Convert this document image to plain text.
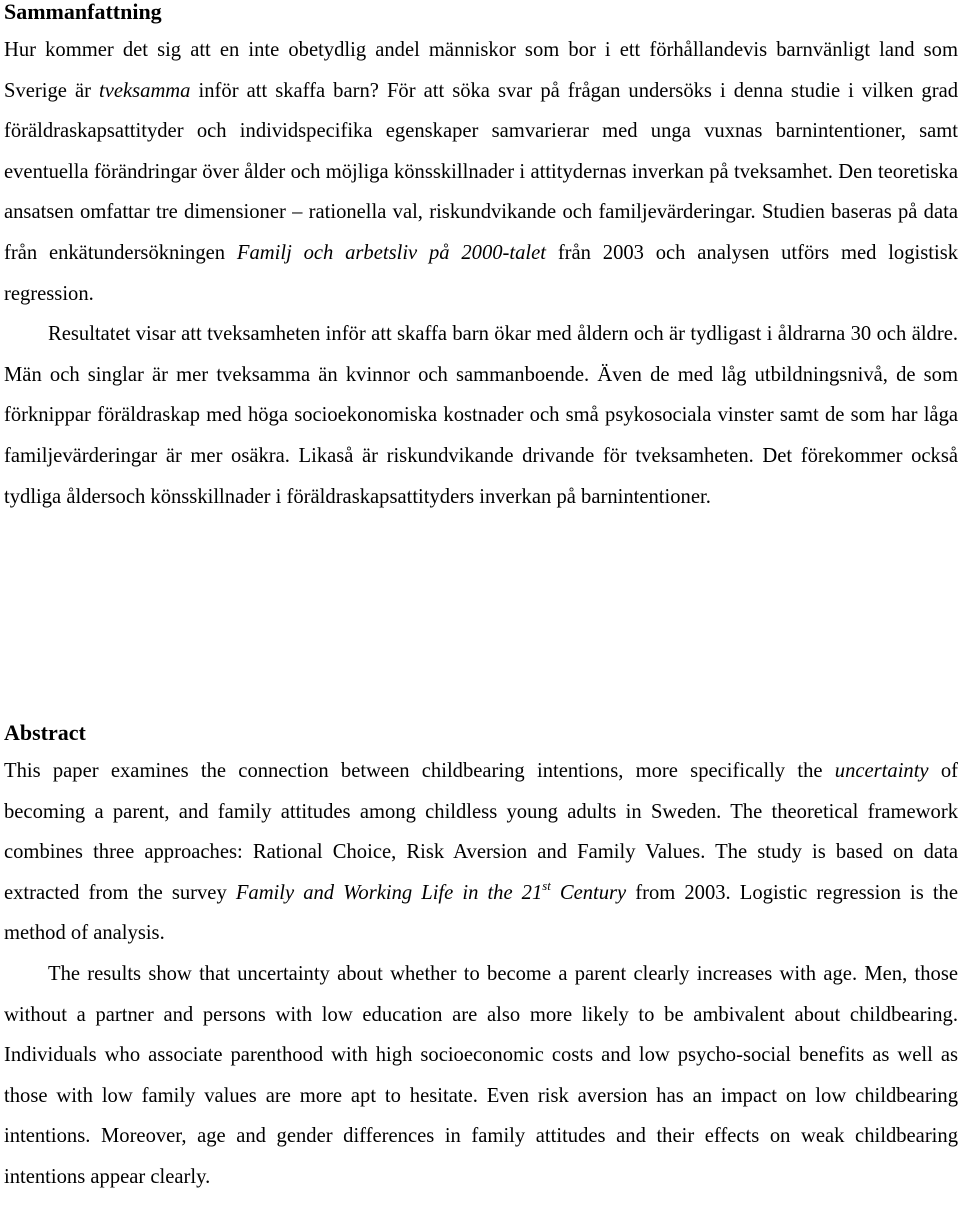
Sammanfattning

Hur kommer det sig att en inte obetydlig andel människor som bor i ett förhållandevis barnvänligt land som Sverige är tveksamma inför att skaffa barn? För att söka svar på frågan undersöks i denna studie i vilken grad föräldraskapsattityder och individspecifika egenskaper samvarierar med unga vuxnas barnintentioner, samt eventuella förändringar över ålder och möjliga könsskillnader i attitydernas inverkan på tveksamhet. Den teoretiska ansatsen omfattar tre dimensioner – rationella val, riskundvikande och familjevärderingar. Studien baseras på data från enkätundersökningen Familj och arbetsliv på 2000-talet från 2003 och analysen utförs med logistisk regression.

Resultatet visar att tveksamheten inför att skaffa barn ökar med åldern och är tydligast i åldrarna 30 och äldre. Män och singlar är mer tveksamma än kvinnor och sammanboende. Även de med låg utbildningsnivå, de som förknippar föräldraskap med höga socioekonomiska kostnader och små psykosociala vinster samt de som har låga familjevärderingar är mer osäkra. Likaså är riskundvikande drivande för tveksamheten. Det förekommer också tydliga åldersoch könsskillnader i föräldraskapsattityders inverkan på barnintentioner.

Abstract

This paper examines the connection between childbearing intentions, more specifically the uncertainty of becoming a parent, and family attitudes among childless young adults in Sweden. The theoretical framework combines three approaches: Rational Choice, Risk Aversion and Family Values. The study is based on data extracted from the survey Family and Working Life in the 21st Century from 2003. Logistic regression is the method of analysis.

The results show that uncertainty about whether to become a parent clearly increases with age. Men, those without a partner and persons with low education are also more likely to be ambivalent about childbearing. Individuals who associate parenthood with high socioeconomic costs and low psycho-social benefits as well as those with low family values are more apt to hesitate. Even risk aversion has an impact on low childbearing intentions. Moreover, age and gender differences in family attitudes and their effects on weak childbearing intentions appear clearly.
